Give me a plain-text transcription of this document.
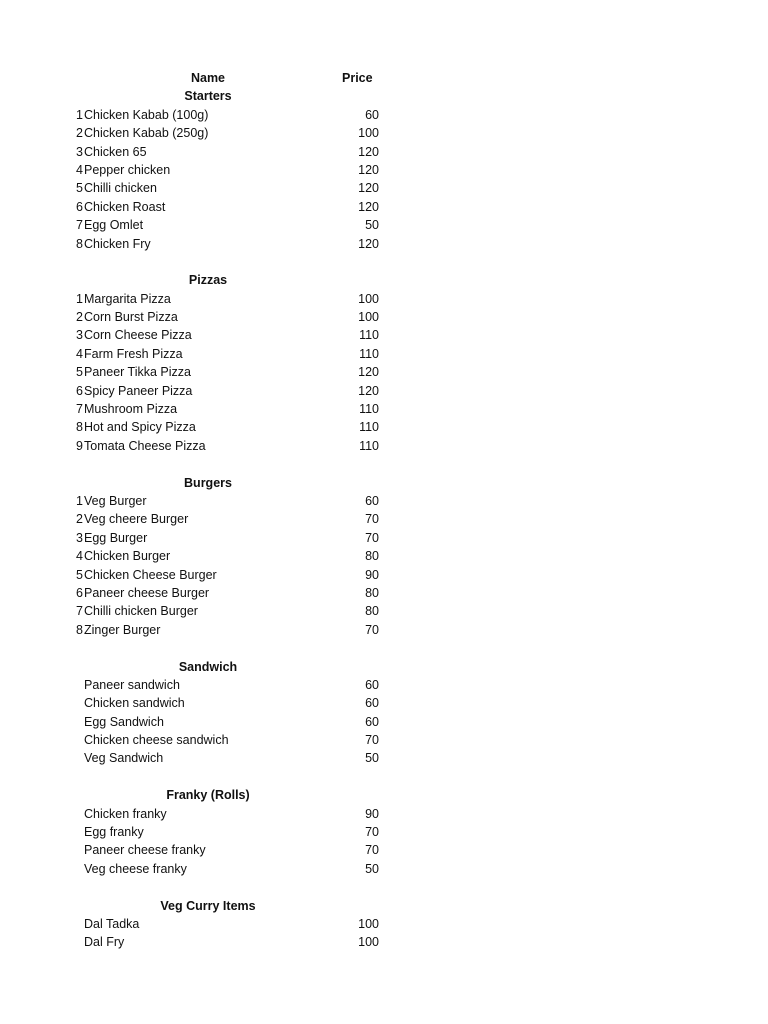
Name	Price
Starters
1 Chicken Kabab (100g)	60
2 Chicken Kabab (250g)	100
3 Chicken 65	120
4 Pepper chicken	120
5 Chilli chicken	120
6 Chicken Roast	120
7 Egg Omlet	50
8 Chicken Fry	120
Pizzas
1 Margarita Pizza	100
2 Corn Burst Pizza	100
3 Corn Cheese Pizza	110
4 Farm Fresh Pizza	110
5 Paneer Tikka Pizza	120
6 Spicy Paneer Pizza	120
7 Mushroom Pizza	110
8 Hot and Spicy Pizza	110
9 Tomata Cheese Pizza	110
Burgers
1 Veg Burger	60
2 Veg cheere Burger	70
3 Egg Burger	70
4 Chicken Burger	80
5 Chicken Cheese Burger	90
6 Paneer cheese Burger	80
7 Chilli chicken Burger	80
8 Zinger Burger	70
Sandwich
Paneer sandwich	60
Chicken sandwich	60
Egg Sandwich	60
Chicken cheese sandwich	70
Veg Sandwich	50
Franky (Rolls)
Chicken franky	90
Egg franky	70
Paneer cheese franky	70
Veg cheese franky	50
Veg Curry Items
Dal Tadka	100
Dal Fry	100
